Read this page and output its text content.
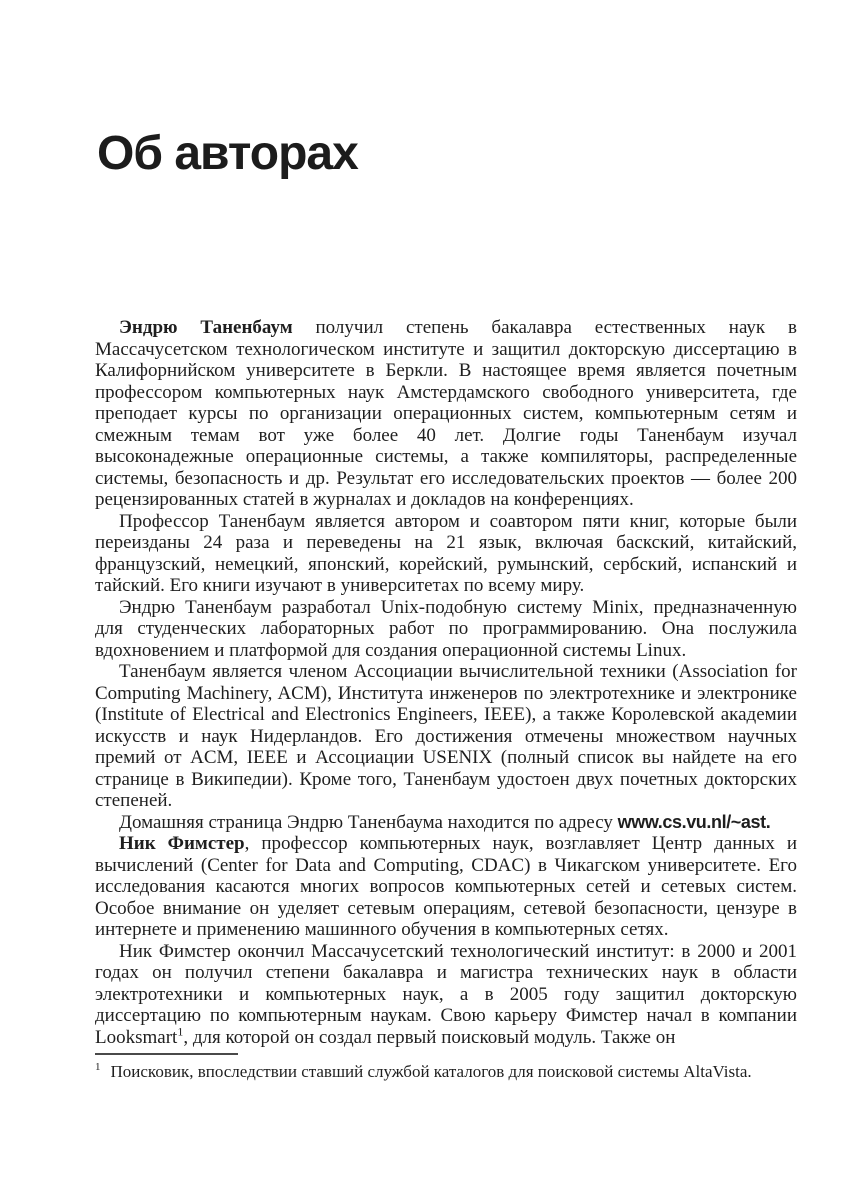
Об авторах

Эндрю Таненбаум получил степень бакалавра естественных наук в Массачусетском технологическом институте и защитил докторскую диссертацию в Калифорнийском университете в Беркли. В настоящее время является почетным профессором компьютерных наук Амстердамского свободного университета, где преподает курсы по организации операционных систем, компьютерным сетям и смежным темам вот уже более 40 лет. Долгие годы Таненбаум изучал высоконадежные операционные системы, а также компиляторы, распределенные системы, безопасность и др. Результат его исследовательских проектов — более 200 рецензированных статей в журналах и докладов на конференциях.

Профессор Таненбаум является автором и соавтором пяти книг, которые были переизданы 24 раза и переведены на 21 язык, включая баскский, китайский, французский, немецкий, японский, корейский, румынский, сербский, испанский и тайский. Его книги изучают в университетах по всему миру.

Эндрю Таненбаум разработал Unix-подобную систему Minix, предназначенную для студенческих лабораторных работ по программированию. Она послужила вдохновением и платформой для создания операционной системы Linux.

Таненбаум является членом Ассоциации вычислительной техники (Association for Computing Machinery, ACM), Института инженеров по электротехнике и электронике (Institute of Electrical and Electronics Engineers, IEEE), а также Королевской академии искусств и наук Нидерландов. Его достижения отмечены множеством научных премий от ACM, IEEE и Ассоциации USENIX (полный список вы найдете на его странице в Википедии). Кроме того, Таненбаум удостоен двух почетных докторских степеней.

Домашняя страница Эндрю Таненбаума находится по адресу www.cs.vu.nl/~ast.

Ник Фимстер, профессор компьютерных наук, возглавляет Центр данных и вычислений (Center for Data and Computing, CDAC) в Чикагском университете. Его исследования касаются многих вопросов компьютерных сетей и сетевых систем. Особое внимание он уделяет сетевым операциям, сетевой безопасности, цензуре в интернете и применению машинного обучения в компьютерных сетях.

Ник Фимстер окончил Массачусетский технологический институт: в 2000 и 2001 годах он получил степени бакалавра и магистра технических наук в области электротехники и компьютерных наук, а в 2005 году защитил докторскую диссертацию по компьютерным наукам. Свою карьеру Фимстер начал в компании Looksmart$^1$, для которой он создал первый поисковый модуль. Также он

$^1$ Поисковик, впоследствии ставший службой каталогов для поисковой системы AltaVista.
